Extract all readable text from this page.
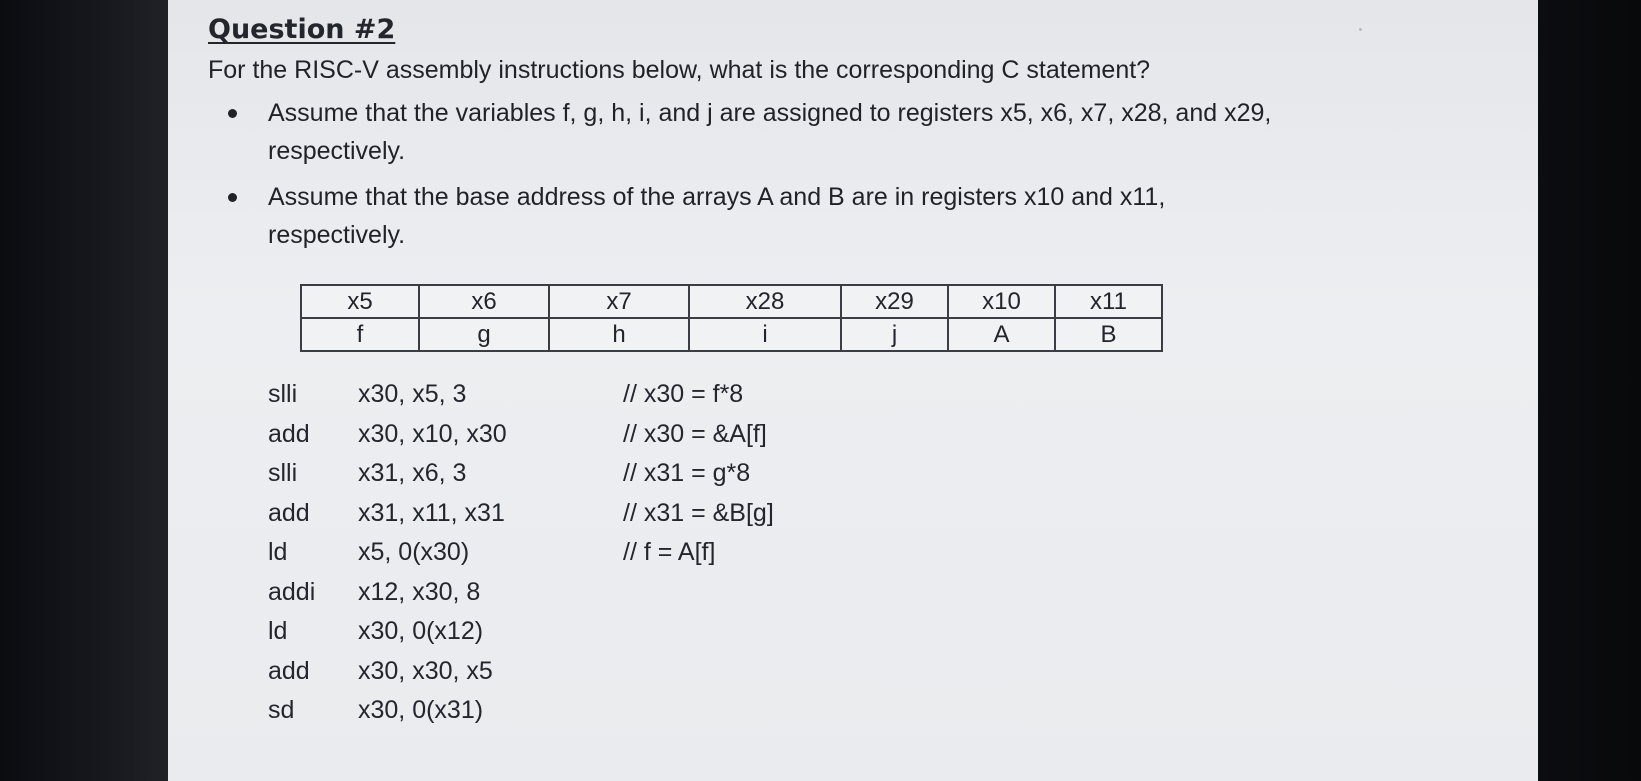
Question #2
For the RISC-V assembly instructions below, what is the corresponding C statement?
Assume that the variables f, g, h, i, and j are assigned to registers x5, x6, x7, x28, and x29, respectively.
Assume that the base address of the arrays A and B are in registers x10 and x11, respectively.
x5	x6	x7	x28	x29	x10	x11
f	g	h	i	j	A	B
slli x30, x5, 3	// x30 = f*8
add x30, x10, x30	// x30 = &A[f]
slli x31, x6, 3	// x31 = g*8
add x31, x11, x31	// x31 = &B[g]
ld	x5, 0(x30)	// f = A[f]
addi x12, x30, 8
ld	x30, 0(x12)
add x30, x30, x5
sd	x30, 0(x31)
